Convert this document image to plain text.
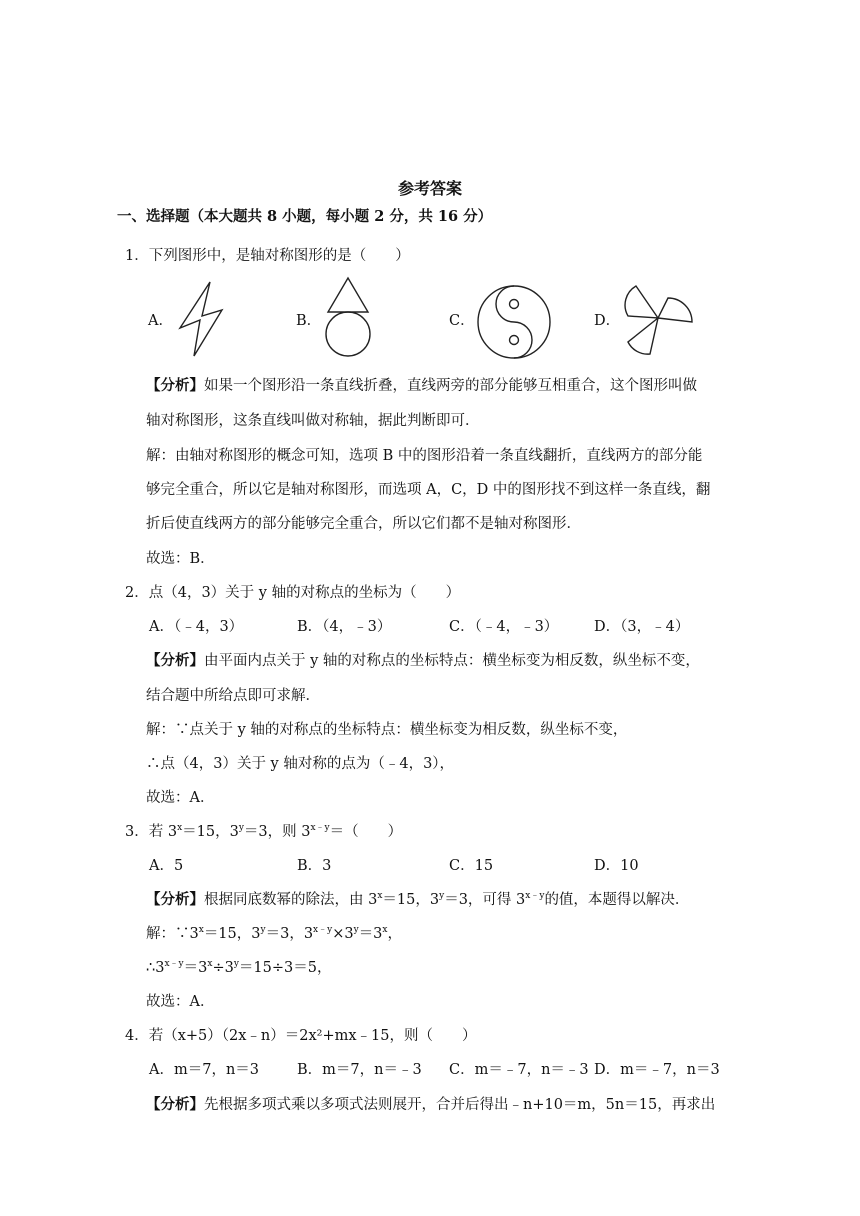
参考答案
一、选择题（本大题共 8 小题，每小题 2 分，共 16 分）
1．下列图形中，是轴对称图形的是（　　）
A．	B．	C．	D．
【分析】如果一个图形沿一条直线折叠，直线两旁的部分能够互相重合，这个图形叫做
轴对称图形，这条直线叫做对称轴，据此判断即可．
解：由轴对称图形的概念可知，选项 B 中的图形沿着一条直线翻折，直线两方的部分能
够完全重合，所以它是轴对称图形，而选项 A，C，D 中的图形找不到这样一条直线，翻
折后使直线两方的部分能够完全重合，所以它们都不是轴对称图形．
故选：B．
2．点（4，3）关于 y 轴的对称点的坐标为（　　）
A．（﹣4，3）	B．（4，﹣3）	C．（﹣4，﹣3） D．（3，﹣4）
【分析】由平面内点关于 y 轴的对称点的坐标特点：横坐标变为相反数，纵坐标不变，
结合题中所给点即可求解．
解：∵点关于 y 轴的对称点的坐标特点：横坐标变为相反数，纵坐标不变，
∴点（4，3）关于 y 轴对称的点为（﹣4，3），
故选：A．
3．若 $3^x=15$，$3^y=3$，则 $3^{x﹣y}=$（　　）
A．5	B．3	C．15	D．10
【分析】根据同底数幂的除法，由 $3^x=15$，$3^y=3$，可得 $3^{x﹣y}$的值，本题得以解决．
解：$\because 3^x=15$，$3^y=3$，$3^{x﹣y}\times 3^y=3^x$，
$\therefore 3^{x﹣y}=3^x\div 3^y=15\div 3=5$，
故选：A．
4．若（x+5）（2x﹣n）＝2x²+mx﹣15，则（　　）
A．m＝7，n＝3	B．m＝7，n＝﹣3 C．m＝﹣7，n＝﹣3 D．m＝﹣7，n＝3
【分析】先根据多项式乘以多项式法则展开，合并后得出﹣n+10＝m，5n＝15，再求出
